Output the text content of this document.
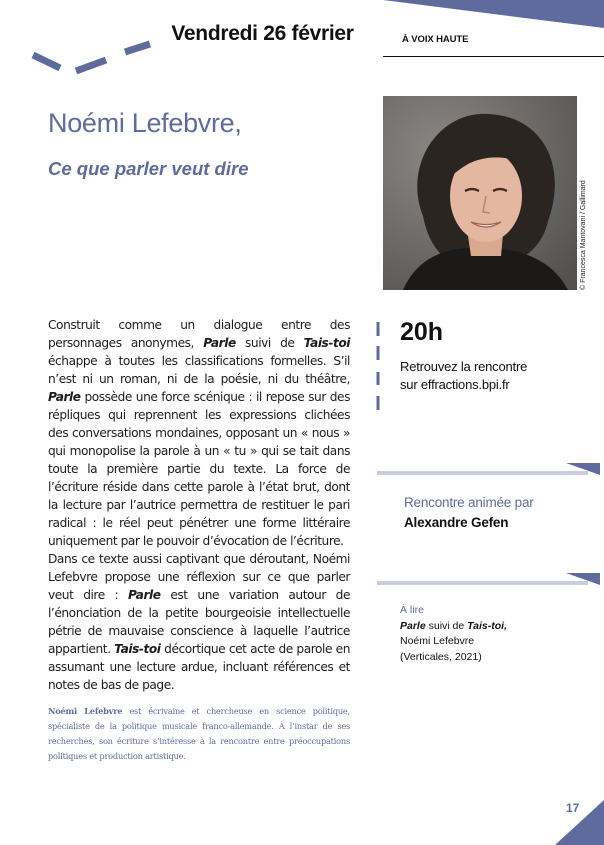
Vendredi 26 février	À VOIX HAUTE
Noémi Lefebvre,
Ce que parler veut dire
© Francesca Mantovani / Gallimard

Construit comme un dialogue entre des personnages anonymes, Parle suivi de Tais-toi échappe à toutes les classifications formelles. S’il n’est ni un roman, ni de la poésie, ni du théâtre, Parle possède une force scénique : il repose sur des répliques qui reprennent les expressions clichées des conversations mondaines, opposant un « nous » qui monopolise la parole à un « tu » qui se tait dans toute la première partie du texte. La force de l’écriture réside dans cette parole à l’état brut, dont la lecture par l’autrice permettra de restituer le pari radical : le réel peut pénétrer une forme littéraire uniquement par le pouvoir d’évocation de l’écriture.

Dans ce texte aussi captivant que déroutant, Noémi Lefebvre propose une réflexion sur ce que parler veut dire : Parle est une variation autour de l’énonciation de la petite bourgeoisie intellectuelle pétrie de mauvaise conscience à laquelle l’autrice appartient. Tais-toi décortique cet acte de parole en assumant une lecture ardue, incluant références et notes de bas de page.

Noémi Lefebvre est écrivaine et chercheuse en science politique, spécialiste de la politique musicale franco-allemande. À l’instar de ses recherches, son écriture s’intéresse à la rencontre entre préoccupations politiques et production artistique.
20h
Retrouvez la rencontre
sur effractions.bpi.fr
Rencontre animée par
Alexandre Gefen
À lire
Parle suivi de Tais-toi,
Noémi Lefebvre
(Verticales, 2021)
17
